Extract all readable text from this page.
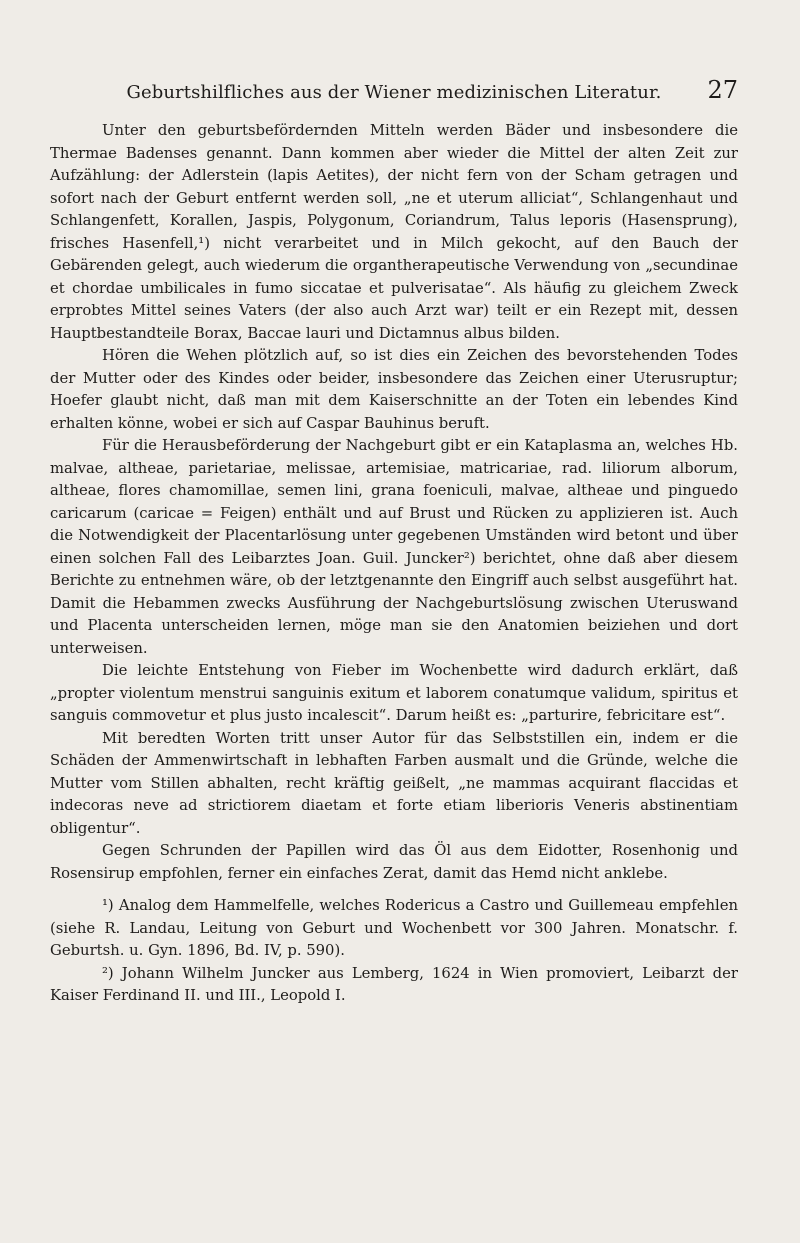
Geburtshilfliches aus der Wiener medizinischen Literatur.	27

Unter den geburtsbefördernden Mitteln werden Bäder und insbesondere die Thermae Badenses genannt. Dann kommen aber wieder die Mittel der alten Zeit zur Aufzählung: der Adlerstein (lapis Aetites), der nicht fern von der Scham getragen und sofort nach der Geburt entfernt werden soll, „ne et uterum alliciat“, Schlangenhaut und Schlangenfett, Korallen, Jaspis, Polygonum, Coriandrum, Talus leporis (Hasensprung), frisches Hasenfell,¹) nicht verarbeitet und in Milch gekocht, auf den Bauch der Gebärenden gelegt, auch wiederum die organtherapeutische Verwendung von „secundinae et chordae umbilicales in fumo siccatae et pulverisatae“. Als häufig zu gleichem Zweck erprobtes Mittel seines Vaters (der also auch Arzt war) teilt er ein Rezept mit, dessen Hauptbestandteile Borax, Baccae lauri und Dictamnus albus bilden.

Hören die Wehen plötzlich auf, so ist dies ein Zeichen des bevorstehenden Todes der Mutter oder des Kindes oder beider, insbesondere das Zeichen einer Uterusruptur; Hoefer glaubt nicht, daß man mit dem Kaiserschnitte an der Toten ein lebendes Kind erhalten könne, wobei er sich auf Caspar Bauhinus beruft.

Für die Herausbeförderung der Nachgeburt gibt er ein Kataplasma an, welches Hb. malvae, altheae, parietariae, melissae, artemisiae, matricariae, rad. liliorum alborum, altheae, flores chamomillae, semen lini, grana foeniculi, malvae, altheae und pinguedo caricarum (caricae = Feigen) enthält und auf Brust und Rücken zu applizieren ist. Auch die Notwendigkeit der Placentarlösung unter gegebenen Umständen wird betont und über einen solchen Fall des Leibarztes Joan. Guil. Juncker²) berichtet, ohne daß aber diesem Berichte zu entnehmen wäre, ob der letztgenannte den Eingriff auch selbst ausgeführt hat. Damit die Hebammen zwecks Ausführung der Nachgeburtslösung zwischen Uteruswand und Placenta unterscheiden lernen, möge man sie den Anatomien beiziehen und dort unterweisen.

Die leichte Entstehung von Fieber im Wochenbette wird dadurch erklärt, daß „propter violentum menstrui sanguinis exitum et laborem conatumque validum, spiritus et sanguis commovetur et plus justo incalescit“. Darum heißt es: „parturire, febricitare est“.

Mit beredten Worten tritt unser Autor für das Selbststillen ein, indem er die Schäden der Ammenwirtschaft in lebhaften Farben ausmalt und die Gründe, welche die Mutter vom Stillen abhalten, recht kräftig geißelt, „ne mammas acquirant flaccidas et indecoras neve ad strictiorem diaetam et forte etiam liberioris Veneris abstinentiam obligentur“.

Gegen Schrunden der Papillen wird das Öl aus dem Eidotter, Rosenhonig und Rosensirup empfohlen, ferner ein einfaches Zerat, damit das Hemd nicht anklebe.

¹) Analog dem Hammelfelle, welches Rodericus a Castro und Guillemeau empfehlen (siehe R. Landau, Leitung von Geburt und Wochenbett vor 300 Jahren. Monatschr. f. Geburtsh. u. Gyn. 1896, Bd. IV, p. 590).

²) Johann Wilhelm Juncker aus Lemberg, 1624 in Wien promoviert, Leibarzt der Kaiser Ferdinand II. und III., Leopold I.
